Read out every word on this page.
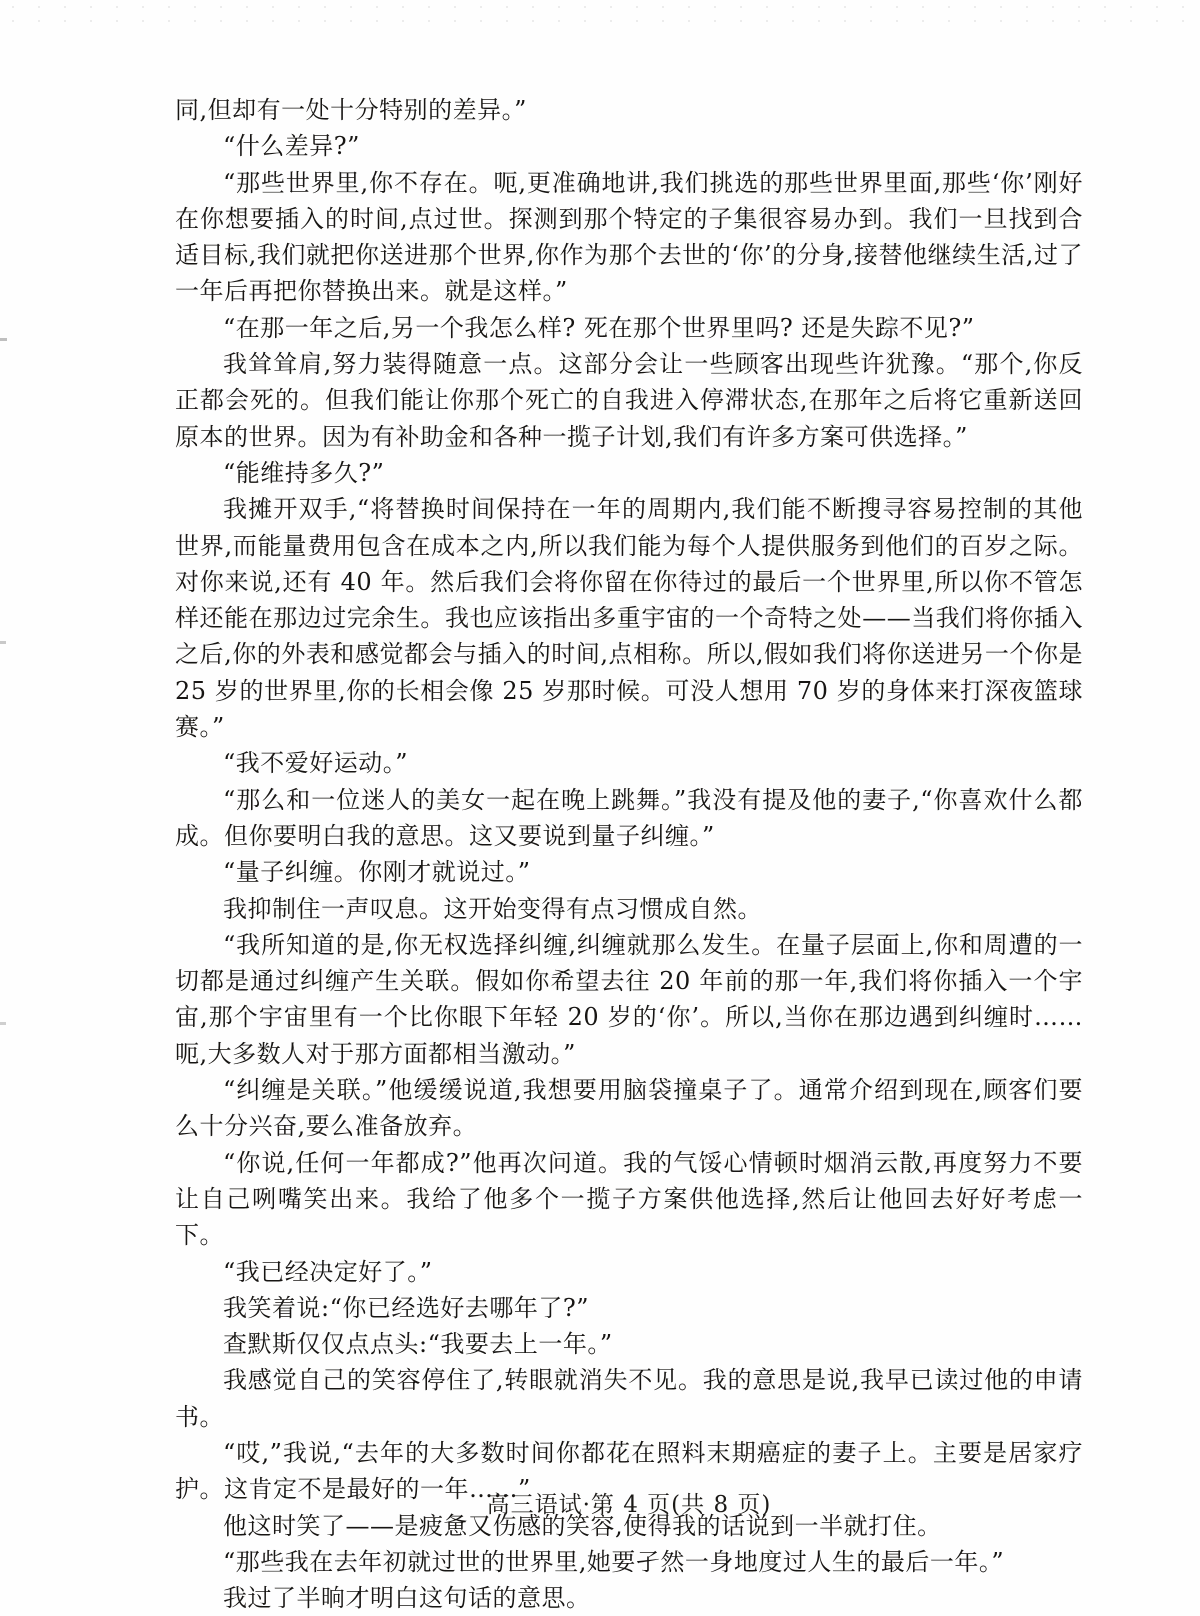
同,但却有一处十分特别的差异。”

“什么差异?”

“那些世界里,你不存在。呃,更准确地讲,我们挑选的那些世界里面,那些‘你’刚好在你想要插入的时间,点过世。探测到那个特定的子集很容易办到。我们一旦找到合适目标,我们就把你送进那个世界,你作为那个去世的‘你’的分身,接替他继续生活,过了一年后再把你替换出来。就是这样。”

“在那一年之后,另一个我怎么样? 死在那个世界里吗? 还是失踪不见?”

我耸耸肩,努力装得随意一点。这部分会让一些顾客出现些许犹豫。“那个,你反正都会死的。但我们能让你那个死亡的自我进入停滞状态,在那年之后将它重新送回原本的世界。因为有补助金和各种一揽子计划,我们有许多方案可供选择。”

“能维持多久?”

我摊开双手,“将替换时间保持在一年的周期内,我们能不断搜寻容易控制的其他世界,而能量费用包含在成本之内,所以我们能为每个人提供服务到他们的百岁之际。对你来说,还有 40 年。然后我们会将你留在你待过的最后一个世界里,所以你不管怎样还能在那边过完余生。我也应该指出多重宇宙的一个奇特之处——当我们将你插入之后,你的外表和感觉都会与插入的时间,点相称。所以,假如我们将你送进另一个你是 25 岁的世界里,你的长相会像 25 岁那时候。可没人想用 70 岁的身体来打深夜篮球赛。”

“我不爱好运动。”

“那么和一位迷人的美女一起在晚上跳舞。”我没有提及他的妻子,“你喜欢什么都成。但你要明白我的意思。这又要说到量子纠缠。”

“量子纠缠。你刚才就说过。”

我抑制住一声叹息。这开始变得有点习惯成自然。

“我所知道的是,你无权选择纠缠,纠缠就那么发生。在量子层面上,你和周遭的一切都是通过纠缠产生关联。假如你希望去往 20 年前的那一年,我们将你插入一个宇宙,那个宇宙里有一个比你眼下年轻 20 岁的‘你’。所以,当你在那边遇到纠缠时……呃,大多数人对于那方面都相当激动。”

“纠缠是关联。”他缓缓说道,我想要用脑袋撞桌子了。通常介绍到现在,顾客们要么十分兴奋,要么准备放弃。

“你说,任何一年都成?”他再次问道。我的气馁心情顿时烟消云散,再度努力不要让自己咧嘴笑出来。我给了他多个一揽子方案供他选择,然后让他回去好好考虑一下。

“我已经决定好了。”

我笑着说:“你已经选好去哪年了?”

查默斯仅仅点点头:“我要去上一年。”

我感觉自己的笑容停住了,转眼就消失不见。我的意思是说,我早已读过他的申请书。

“哎,”我说,“去年的大多数时间你都花在照料末期癌症的妻子上。主要是居家疗护。这肯定不是最好的一年……”

他这时笑了——是疲惫又伤感的笑容,使得我的话说到一半就打住。

“那些我在去年初就过世的世界里,她要孑然一身地度过人生的最后一年。”

我过了半晌才明白这句话的意思。

高三语试·第 4 页(共 8 页)
